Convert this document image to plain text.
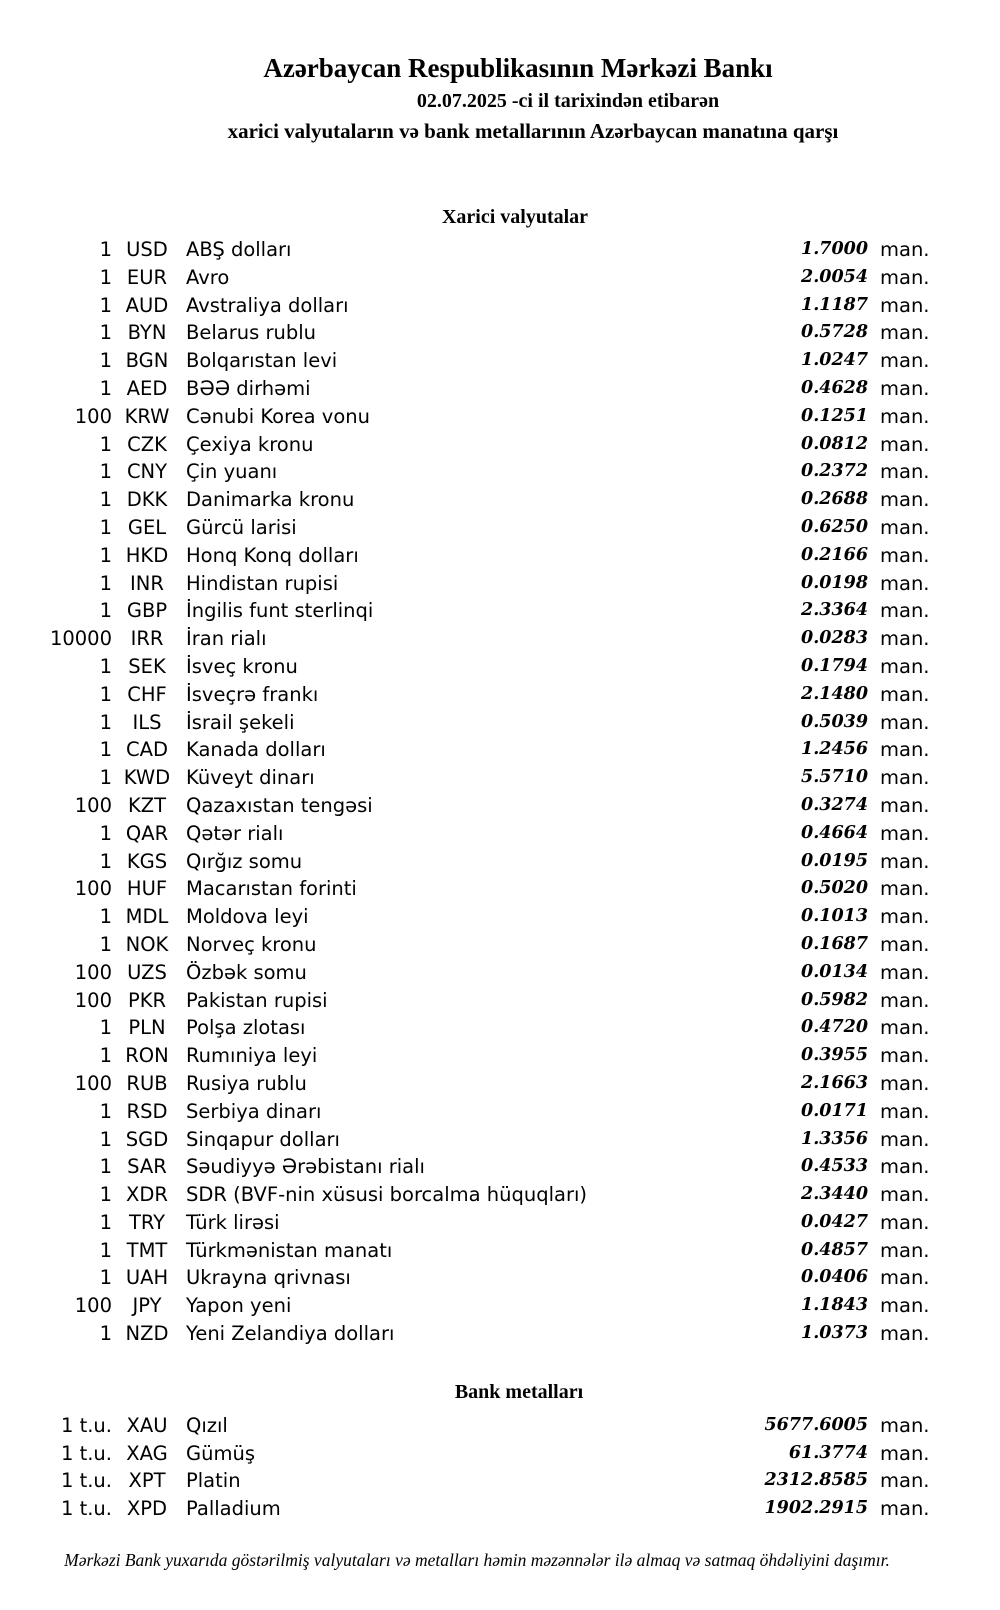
Azərbaycan Respublikasının Mərkəzi Bankı
02.07.2025 -ci il tarixindən etibarən
xarici valyutaların və bank metallarının Azərbaycan manatına qarşı
Xarici valyutalar
1 USD ABŞ dolları	1.7000 man.
1 EUR Avro	2.0054 man.
1 AUD Avstraliya dolları	1.1187 man.
1 BYN	Belarus rublu	0.5728 man.
1 BGN Bolqarıstan levi	1.0247 man.
1 AED BƏƏ dirhəmi	0.4628 man.
100 KRW Cənubi Korea vonu	0.1251 man.
1 CZK Çexiya kronu	0.0812 man.
1 CNY Çin yuanı	0.2372 man.
1 DKK Danimarka kronu	0.2688 man.
1 GEL	Gürcü larisi	0.6250 man.
1 HKD Honq Konq dolları	0.2166 man.
1 INR	Hindistan rupisi	0.0198 man.
1 GBP İngilis funt sterlinqi	2.3364 man.
10000 IRR	İran rialı	0.0283 man.
1 SEK	İsveç kronu	0.1794 man.
1 CHF İsveçrə frankı	2.1480 man.
1	ILS	İsrail şekeli	0.5039 man.
1 CAD Kanada dolları	1.2456 man.
1 KWD Küveyt dinarı	5.5710 man.
100 KZT	Qazaxıstan tengəsi	0.3274 man.
1 QAR Qətər rialı	0.4664 man.
1 KGS Qırğız somu	0.0195 man.
100 HUF Macarıstan forinti	0.5020 man.
1 MDL Moldova leyi	0.1013 man.
1 NOK Norveç kronu	0.1687 man.
100 UZS Özbək somu	0.0134 man.
100 PKR	Pakistan rupisi	0.5982 man.
1 PLN	Polşa zlotası	0.4720 man.
1 RON Rumıniya leyi	0.3955 man.
100 RUB Rusiya rublu	2.1663 man.
1 RSD Serbiya dinarı	0.0171 man.
1 SGD Sinqapur dolları	1.3356 man.
1 SAR Səudiyyə Ərəbistanı rialı	0.4533 man.
1 XDR SDR (BVF-nin xüsusi borcalma hüquqları)	2.3440 man.
1 TRY	Türk lirəsi	0.0427 man.
1 TMT Türkmənistan manatı	0.4857 man.
1 UAH Ukrayna qrivnası	0.0406 man.
100	JPY	Yapon yeni	1.1843 man.
1 NZD Yeni Zelandiya dolları	1.0373 man.
Bank metalları
1 t.u. XAU Qızıl	5677.6005 man.
1 t.u. XAG Gümüş	61.3774 man.
1 t.u. XPT	Platin	2312.8585 man.
1 t.u. XPD Palladium	1902.2915 man.
Mərkəzi Bank yuxarıda göstərilmiş valyutaları və metalları həmin məzənnələr ilə almaq və satmaq öhdəliyini daşımır.
